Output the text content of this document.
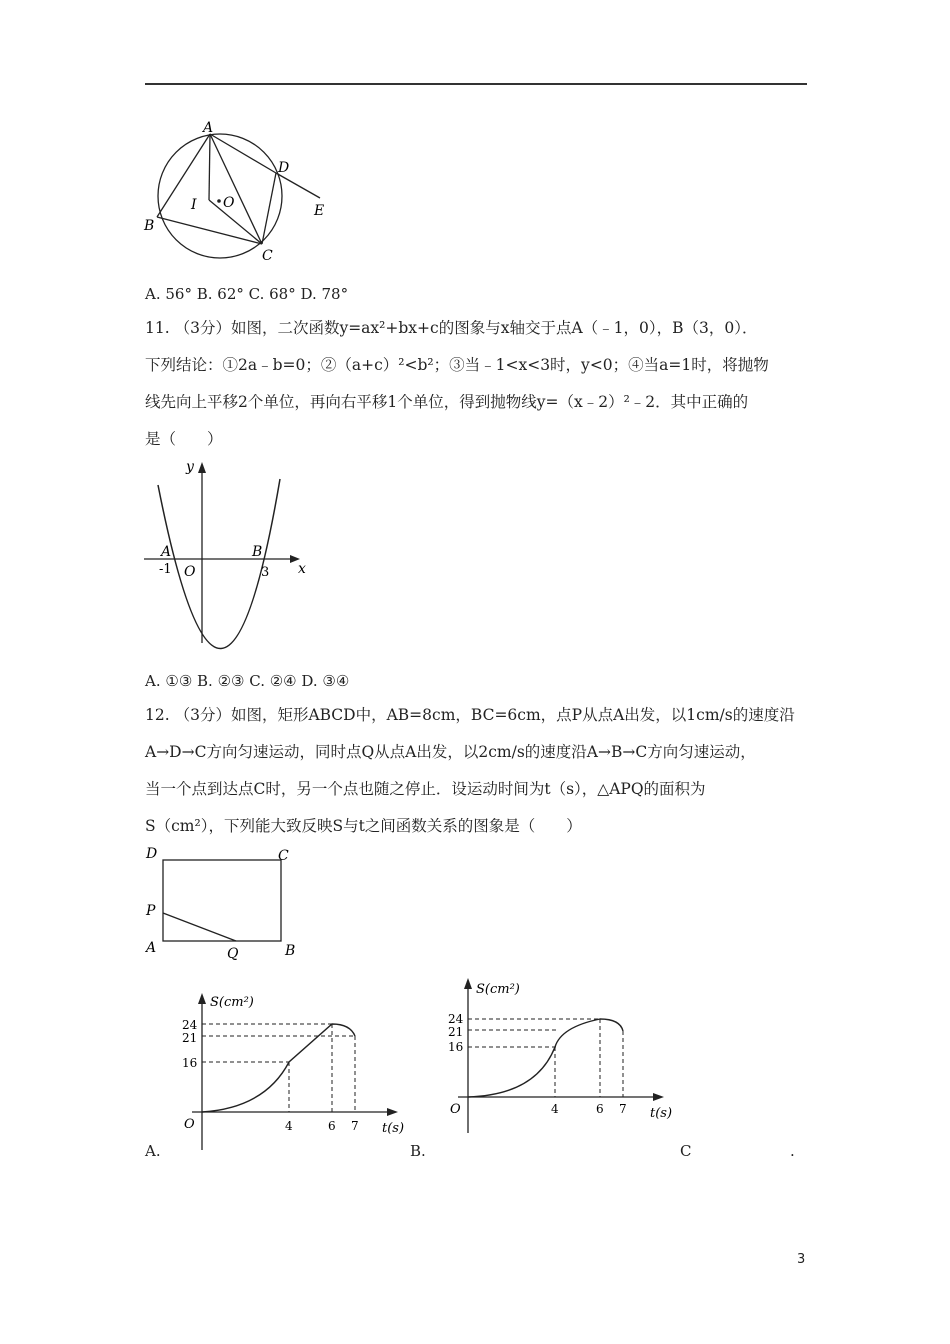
A
D
E
B
C
I O
A. 56° B. 62° C. 68° D. 78°
11. （3分）如图，二次函数y=ax²+bx+c的图象与x轴交于点A（﹣1，0），B（3，0）．
下列结论：①2a﹣b=0；②（a+c）²<b²；③当﹣1<x<3时，y<0；④当a=1时，将抛物
线先向上平移2个单位，再向右平移1个单位，得到抛物线y=（x﹣2）²﹣2．其中正确的
是（　　）
y
x
A	B
O
-1	3
A. ①③ B. ②③ C. ②④ D. ③④
12. （3分）如图，矩形ABCD中，AB=8cm，BC=6cm，点P从点A出发，以1cm/s的速度沿
A→D→C方向匀速运动，同时点Q从点A出发，以2cm/s的速度沿A→B→C方向匀速运动，
当一个点到达点C时，另一个点也随之停止．设运动时间为t（s），△APQ的面积为
S（cm²），下列能大致反映S与t之间函数关系的图象是（　　）
D	C
P
A	Q	B
S(cm²)
t(s)
O
24
21
16
4	6 7
S(cm²)
t(s)
O
24
21
16
4	6 7
A.	B.	C	.
3
